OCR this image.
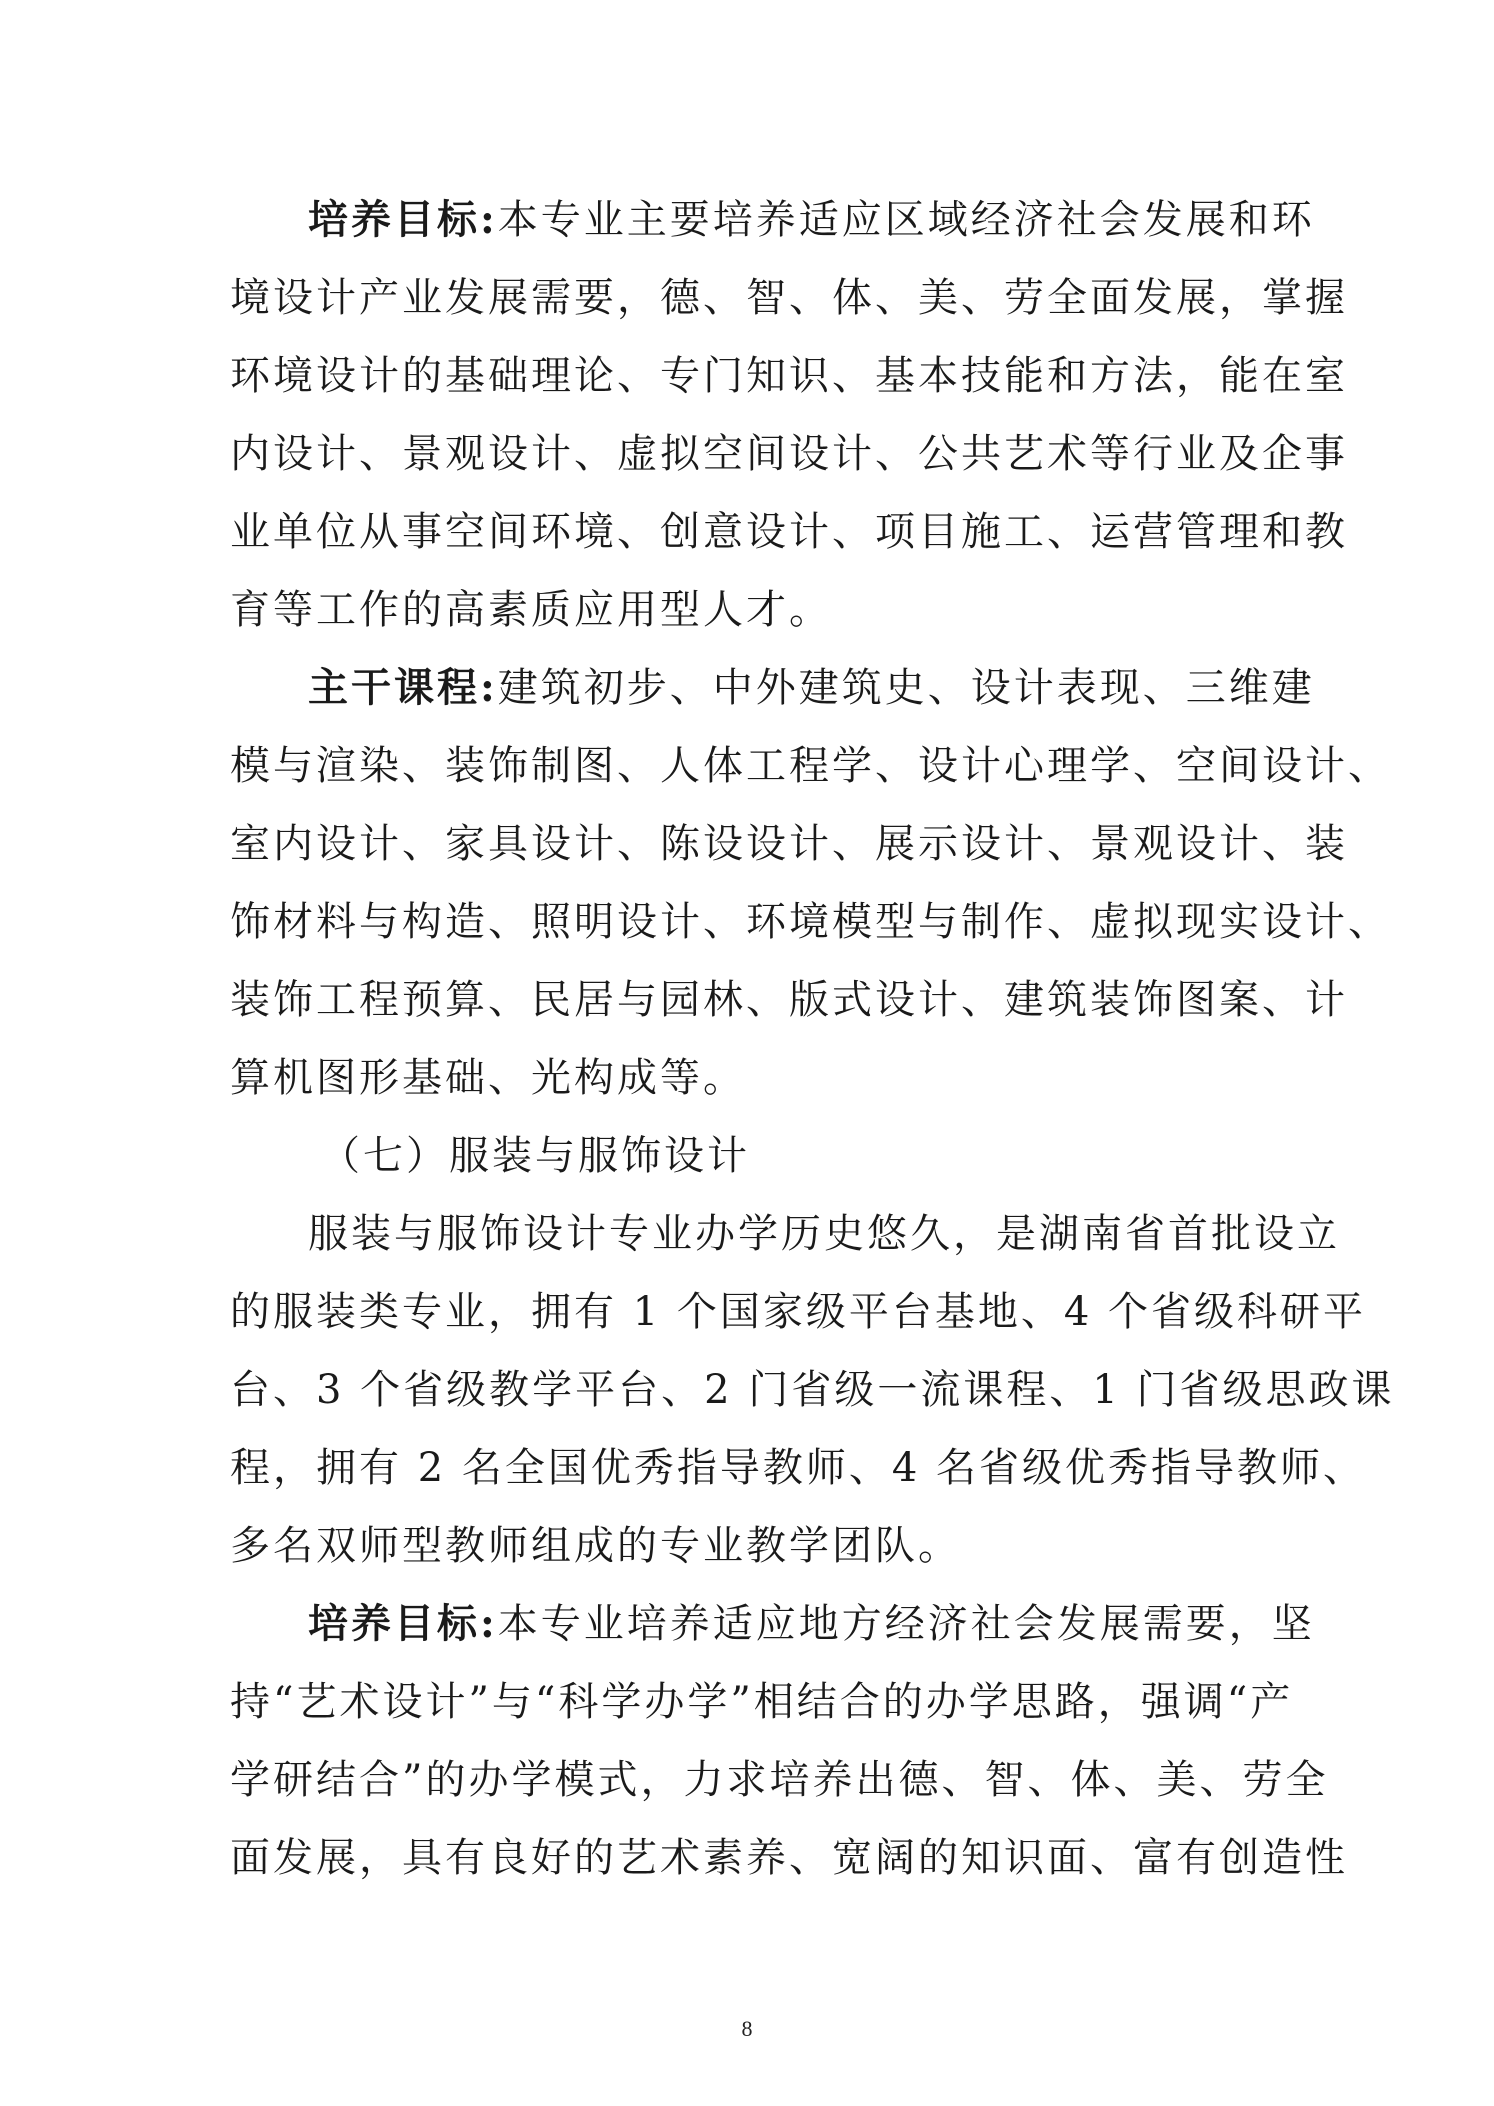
培养目标:本专业主要培养适应区域经济社会发展和环
境设计产业发展需要，德、智、体、美、劳全面发展，掌握
环境设计的基础理论、专门知识、基本技能和方法，能在室
内设计、景观设计、虚拟空间设计、公共艺术等行业及企事
业单位从事空间环境、创意设计、项目施工、运营管理和教
育等工作的高素质应用型人才。
主干课程:建筑初步、中外建筑史、设计表现、三维建
模与渲染、装饰制图、人体工程学、设计心理学、空间设计、
室内设计、家具设计、陈设设计、展示设计、景观设计、装
饰材料与构造、照明设计、环境模型与制作、虚拟现实设计、
装饰工程预算、民居与园林、版式设计、建筑装饰图案、计
算机图形基础、光构成等。
（七）服装与服饰设计
服装与服饰设计专业办学历史悠久，是湖南省首批设立
的服装类专业，拥有 1 个国家级平台基地、4 个省级科研平
台、3 个省级教学平台、2 门省级一流课程、1 门省级思政课
程，拥有 2 名全国优秀指导教师、4 名省级优秀指导教师、
多名双师型教师组成的专业教学团队。
培养目标:本专业培养适应地方经济社会发展需要，坚
持“艺术设计”与“科学办学”相结合的办学思路，强调“产
学研结合”的办学模式，力求培养出德、智、体、美、劳全
面发展，具有良好的艺术素养、宽阔的知识面、富有创造性
8
